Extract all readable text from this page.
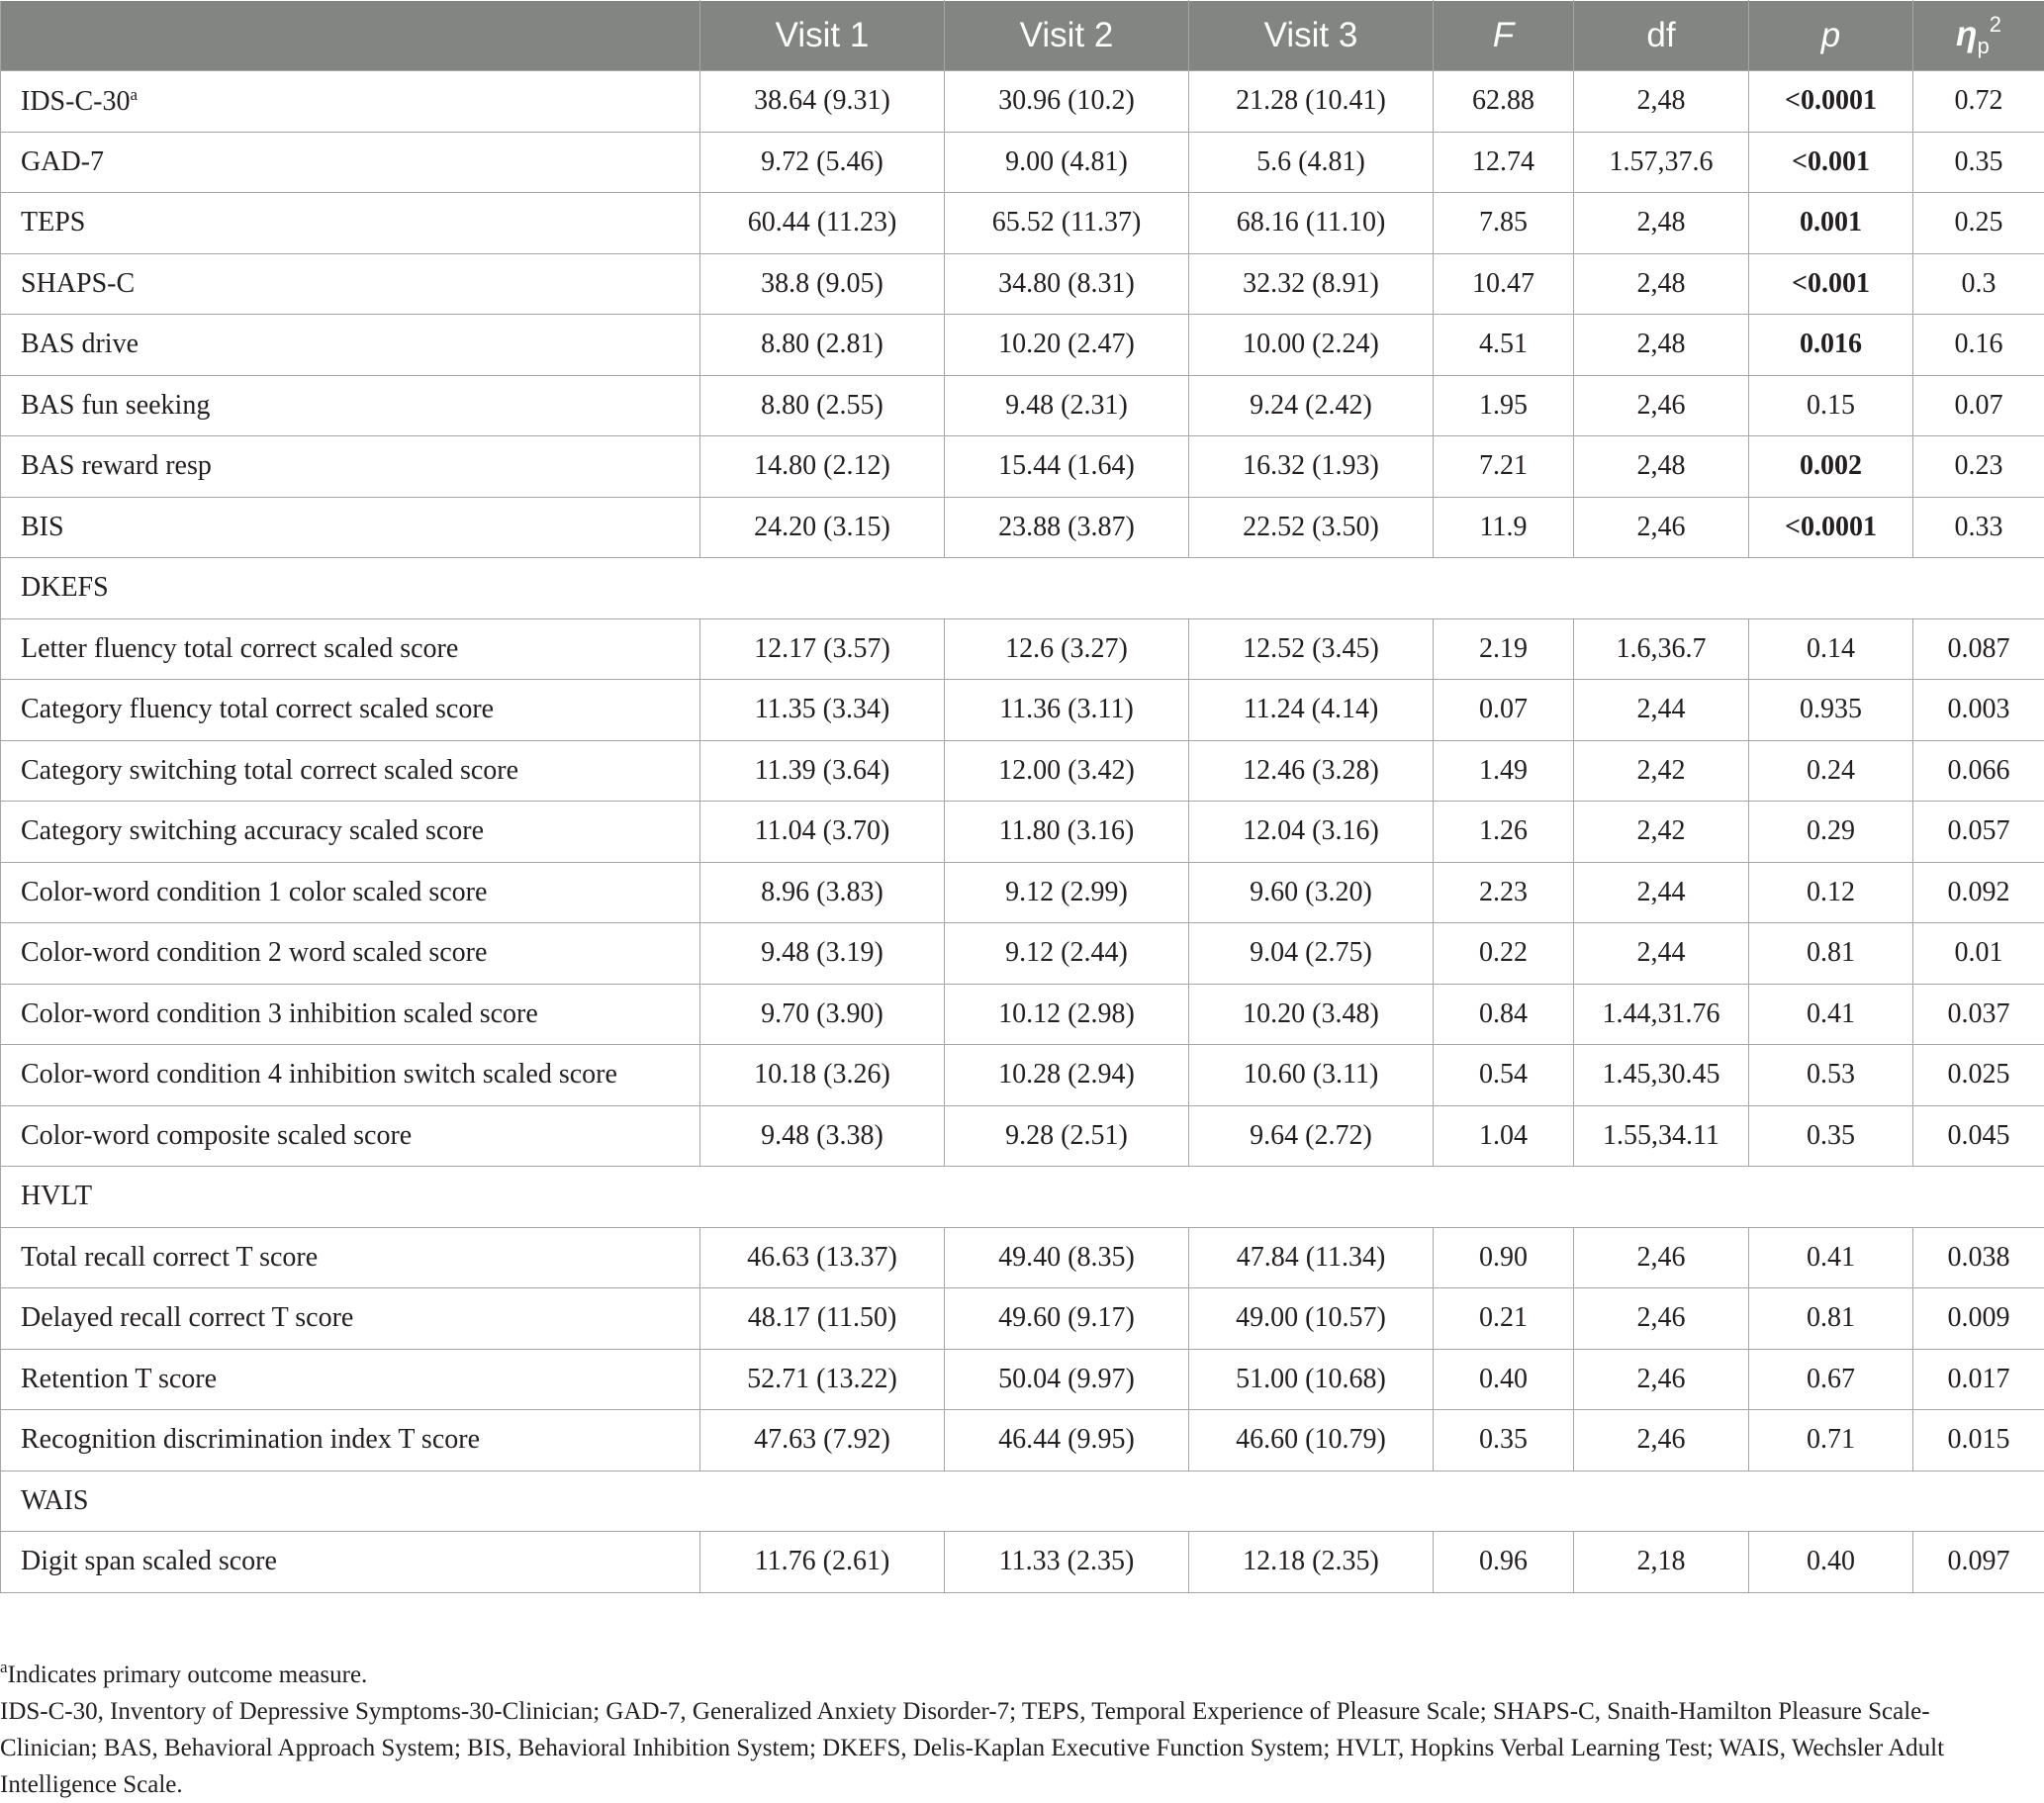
	Visit 1	Visit 2	Visit 3	F	df	p	$\eta_p^2$
IDS-C-30$^a$	38.64 (9.31)	30.96 (10.2)	21.28 (10.41)	62.88	2,48	<0.0001	0.72
GAD-7	9.72 (5.46)	9.00 (4.81)	5.6 (4.81)	12.74	1.57,37.6	<0.001	0.35
TEPS	60.44 (11.23)	65.52 (11.37)	68.16 (11.10)	7.85	2,48	0.001	0.25
SHAPS-C	38.8 (9.05)	34.80 (8.31)	32.32 (8.91)	10.47	2,48	<0.001	0.3
BAS drive	8.80 (2.81)	10.20 (2.47)	10.00 (2.24)	4.51	2,48	0.016	0.16
BAS fun seeking	8.80 (2.55)	9.48 (2.31)	9.24 (2.42)	1.95	2,46	0.15	0.07
BAS reward resp	14.80 (2.12)	15.44 (1.64)	16.32 (1.93)	7.21	2,48	0.002	0.23
BIS	24.20 (3.15)	23.88 (3.87)	22.52 (3.50)	11.9	2,46	<0.0001	0.33
DKEFS							
Letter fluency total correct scaled score	12.17 (3.57)	12.6 (3.27)	12.52 (3.45)	2.19	1.6,36.7	0.14	0.087
Category fluency total correct scaled score	11.35 (3.34)	11.36 (3.11)	11.24 (4.14)	0.07	2,44	0.935	0.003
Category switching total correct scaled score	11.39 (3.64)	12.00 (3.42)	12.46 (3.28)	1.49	2,42	0.24	0.066
Category switching accuracy scaled score	11.04 (3.70)	11.80 (3.16)	12.04 (3.16)	1.26	2,42	0.29	0.057
Color-word condition 1 color scaled score	8.96 (3.83)	9.12 (2.99)	9.60 (3.20)	2.23	2,44	0.12	0.092
Color-word condition 2 word scaled score	9.48 (3.19)	9.12 (2.44)	9.04 (2.75)	0.22	2,44	0.81	0.01
Color-word condition 3 inhibition scaled score	9.70 (3.90)	10.12 (2.98)	10.20 (3.48)	0.84	1.44,31.76	0.41	0.037
Color-word condition 4 inhibition switch scaled score	10.18 (3.26)	10.28 (2.94)	10.60 (3.11)	0.54	1.45,30.45	0.53	0.025
Color-word composite scaled score	9.48 (3.38)	9.28 (2.51)	9.64 (2.72)	1.04	1.55,34.11	0.35	0.045
HVLT							
Total recall correct T score	46.63 (13.37)	49.40 (8.35)	47.84 (11.34)	0.90	2,46	0.41	0.038
Delayed recall correct T score	48.17 (11.50)	49.60 (9.17)	49.00 (10.57)	0.21	2,46	0.81	0.009
Retention T score	52.71 (13.22)	50.04 (9.97)	51.00 (10.68)	0.40	2,46	0.67	0.017
Recognition discrimination index T score	47.63 (7.92)	46.44 (9.95)	46.60 (10.79)	0.35	2,46	0.71	0.015
WAIS							
Digit span scaled score	11.76 (2.61)	11.33 (2.35)	12.18 (2.35)	0.96	2,18	0.40	0.097

$^a$Indicates primary outcome measure.

IDS-C-30, Inventory of Depressive Symptoms-30-Clinician; GAD-7, Generalized Anxiety Disorder-7; TEPS, Temporal Experience of Pleasure Scale; SHAPS-C, Snaith-Hamilton Pleasure Scale-Clinician; BAS, Behavioral Approach System; BIS, Behavioral Inhibition System; DKEFS, Delis-Kaplan Executive Function System; HVLT, Hopkins Verbal Learning Test; WAIS, Wechsler Adult Intelligence Scale.
